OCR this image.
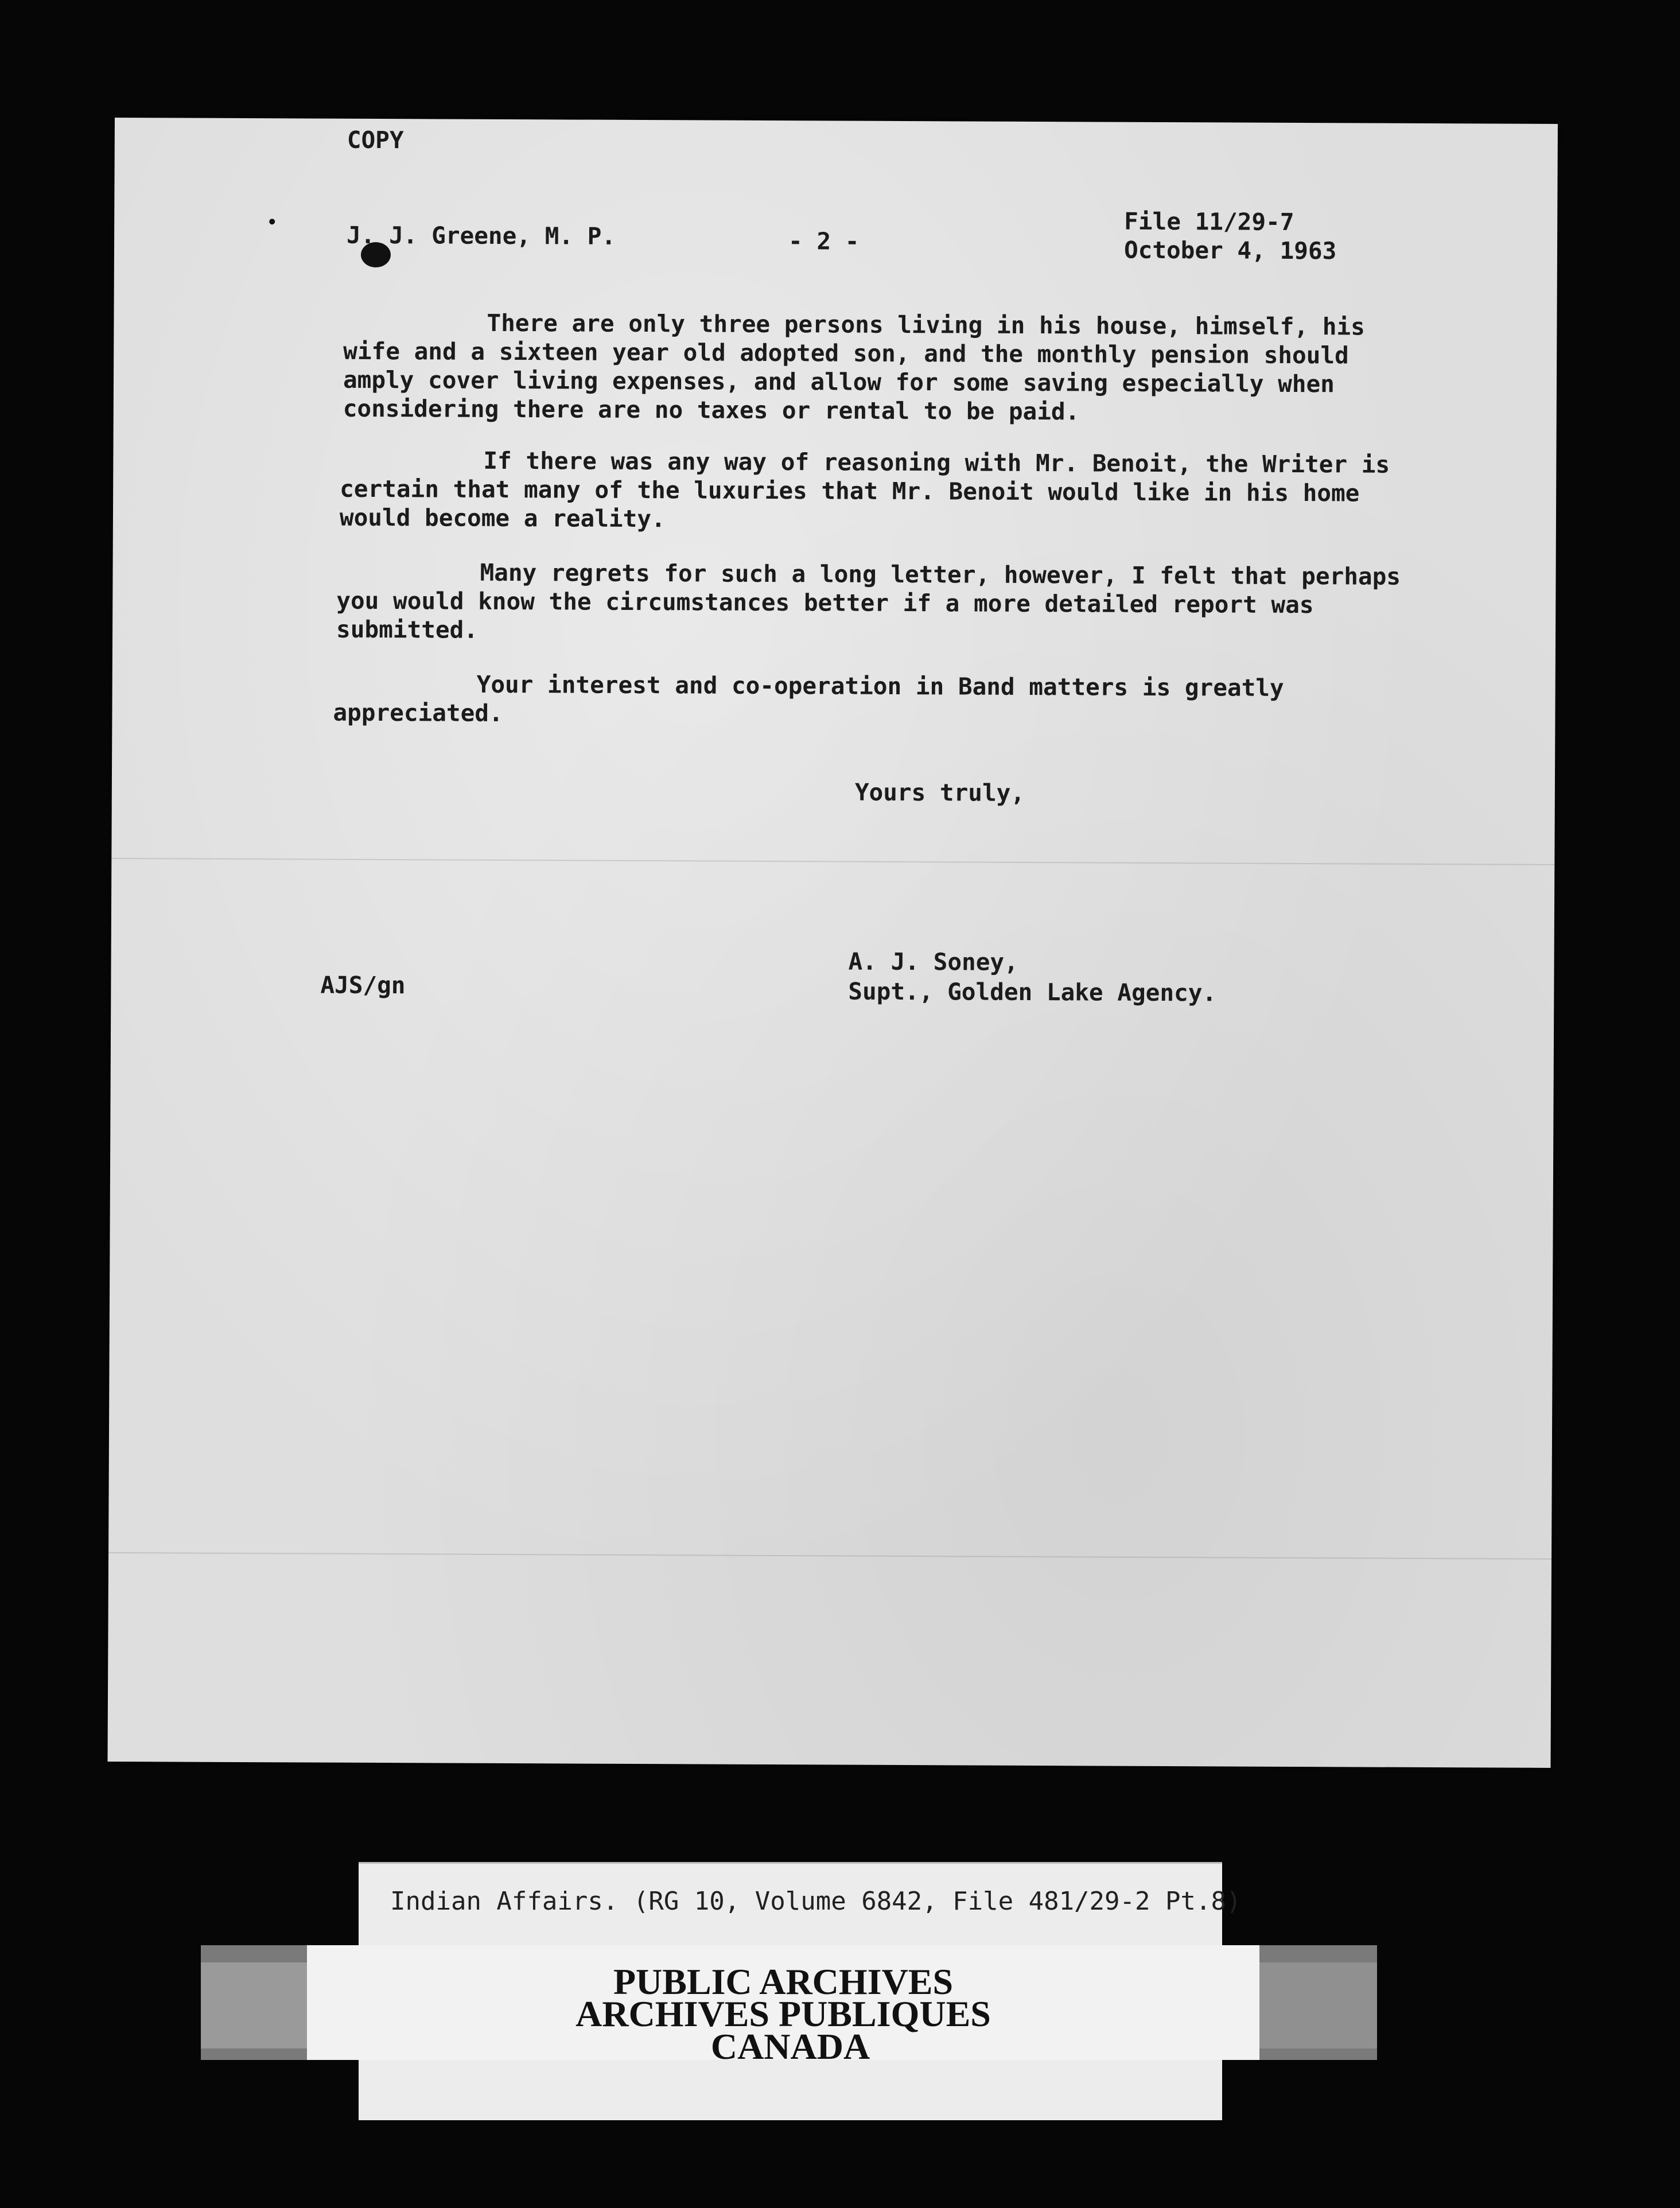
COPY
J. J. Greene, M. P.	- 2 -
File 11/29-7
October 4, 1963
There are only three persons living in his house, himself, his wife and a sixteen year old adopted son, and the monthly pension should amply cover living expenses, and allow for some saving especially when considering there are no taxes or rental to be paid.
If there was any way of reasoning with Mr. Benoit, the Writer is certain that many of the luxuries that Mr. Benoit would like in his home would become a reality.
Many regrets for such a long letter, however, I felt that perhaps you would know the circumstances better if a more detailed report was submitted.
Your interest and co-operation in Band matters is greatly appreciated.
Yours truly,
AJS/gn
A. J. Soney,
Supt., Golden Lake Agency.
Indian Affairs. (RG 10, Volume 6842, File 481/29-2 Pt.8)
PUBLIC ARCHIVES
ARCHIVES PUBLIQUES
CANADA
